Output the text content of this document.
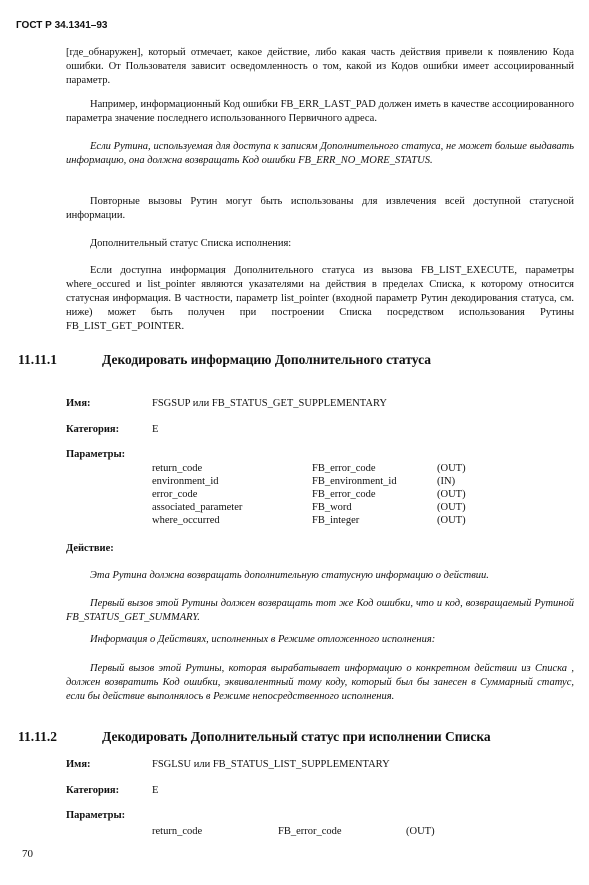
ГОСТ Р 34.1341–93

[где_обнаружен], который отмечает, какое действие, либо какая часть действия привели к появлению Кода ошибки. От Пользователя зависит осведомленность о том, какой из Кодов ошибки имеет ассоциированный параметр.

Например, информационный Код ошибки FB_ERR_LAST_PAD должен иметь в качестве ассоциированного параметра значение последнего использованного Первичного адреса.

Если Рутина, используемая для доступа к записям Дополнительного статуса, не может больше выдавать информацию, она должна возвращать Код ошибки FB_ERR_NO_MORE_STATUS.

Повторные вызовы Рутин могут быть использованы для извлечения всей доступной статусной информации.

Дополнительный статус Списка исполнения:

Если доступна информация Дополнительного статуса из вызова FB_LIST_EXECUTE, параметры where_occured и list_pointer являются указателями на действия в пределах Списка, к которому относится статусная информация. В частности, параметр list_pointer (входной параметр Рутин декодирования статуса, см. ниже) может быть получен при построении Списка посредством использования Рутины FB_LIST_GET_POINTER.

11.11.1	Декодировать информацию Дополнительного статуса
Имя:	FSGSUP или FB_STATUS_GET_SUPPLEMENTARY
Категория:	E
Параметры:
return_code	FB_error_code	(OUT)
environment_id	FB_environment_id	(IN)
error_code	FB_error_code	(OUT)
associated_parameter	FB_word	(OUT)
where_occurred	FB_integer	(OUT)
Действие:

Эта Рутина должна возвращать дополнительную статусную информацию о действии.

Первый вызов этой Рутины должен возвращать тот же Код ошибки, что и код, возвращаемый Рутиной FB_STATUS_GET_SUMMARY.

Информация о Действиях, исполненных в Режиме отложенного исполнения:

Первый вызов этой Рутины, которая вырабатывает информацию о конкретном действии из Списка , должен возвратить Код ошибки, эквивалентный тому коду, который был бы занесен в Суммарный статус, если бы действие выполнялось в Режиме непосредственного исполнения.

11.11.2	Декодировать Дополнительный статус при исполнении Списка
Имя:	FSGLSU или FB_STATUS_LIST_SUPPLEMENTARY
Категория:	E
Параметры:
return_code	FB_error_code	(OUT)
70
